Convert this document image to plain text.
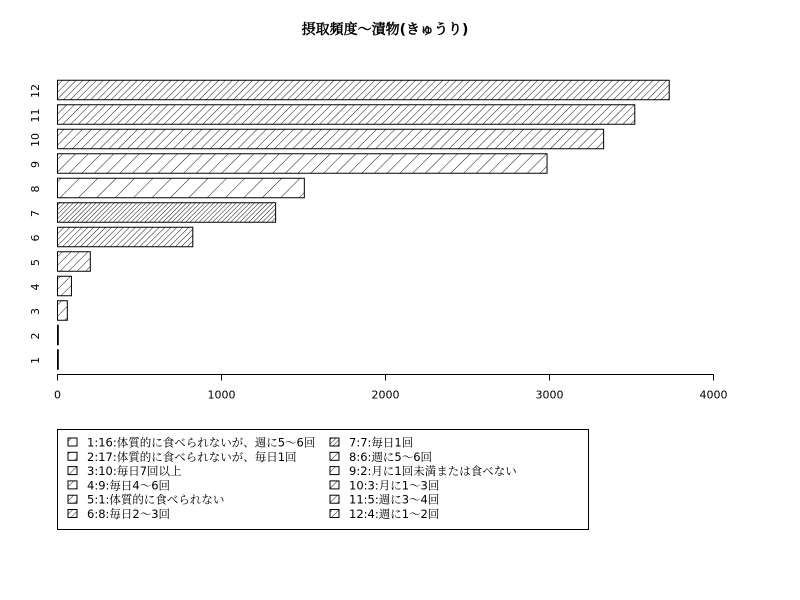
摂取頻度〜漬物(きゅうり)
1
2
3
4
5
6
7
8
9
10
11
12
0	1000	2000	3000	4000
1:16:体質的に食べられないが、週に5〜6回
2:17:体質的に食べられないが、毎日1回
3:10:毎日7回以上
4:9:毎日4〜6回
5:1:体質的に食べられない
6:8:毎日2〜3回
7:7:毎日1回
8:6:週に5〜6回
9:2:月に1回未満または食べない
10:3:月に1〜3回
11:5:週に3〜4回
12:4:週に1〜2回
